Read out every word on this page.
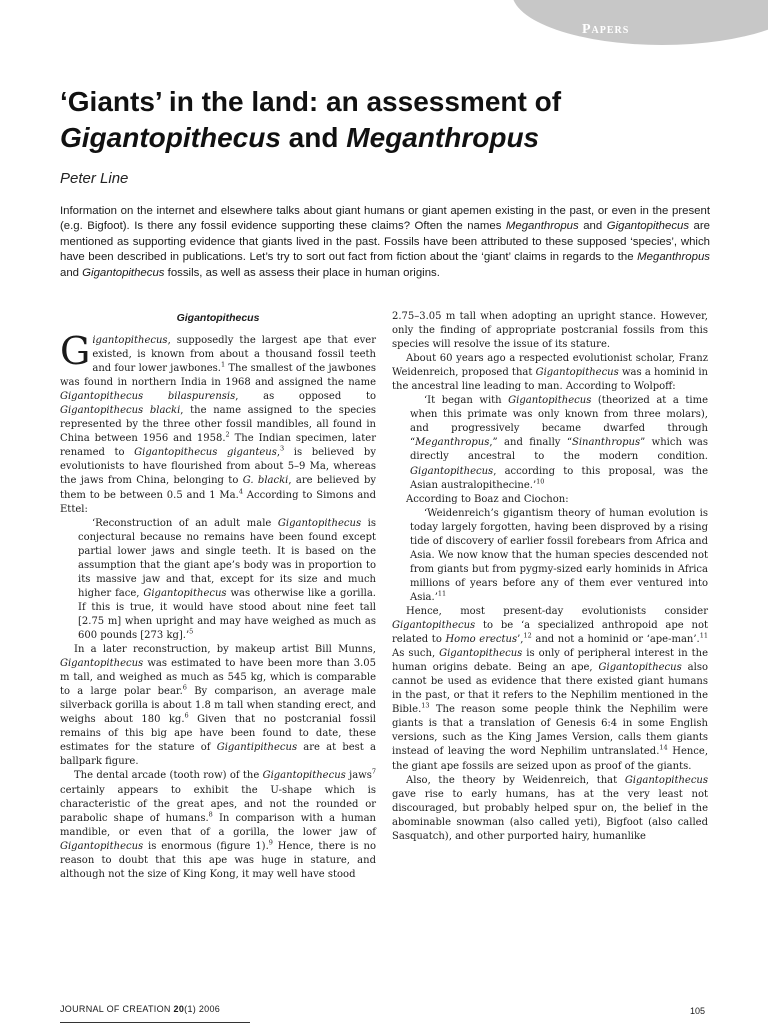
Papers
‘Giants’ in the land: an assessment of
Gigantopithecus and Meganthropus
Peter Line

Information on the internet and elsewhere talks about giant humans or giant apemen existing in the past, or even in the present (e.g. Bigfoot). Is there any fossil evidence supporting these claims? Often the names Meganthropus and Gigantopithecus are mentioned as supporting evidence that giants lived in the past. Fossils have been attributed to these supposed ‘species’, which have been described in publications. Let’s try to sort out fact from fiction about the ‘giant’ claims in regards to the Meganthropus and Gigantopithecus fossils, as well as assess their place in human origins.

Gigantopithecus

Gigantopithecus, supposedly the largest ape that ever existed, is known from about a thousand fossil teeth and four lower jawbones.$^1$ The smallest of the jawbones was found in northern India in 1968 and assigned the name Gigantopithecus bilaspurensis, as opposed to Gigantopithecus blacki, the name assigned to the species represented by the three other fossil mandibles, all found in China between 1956 and 1958.$^2$ The Indian specimen, later renamed to Gigantopithecus giganteus,$^3$ is believed by evolutionists to have flourished from about 5–9 Ma, whereas the jaws from China, belonging to G. blacki, are believed by them to be between 0.5 and 1 Ma.$^4$ According to Simons and Ettel:

‘Reconstruction of an adult male Gigantopithecus is conjectural because no remains have been found except partial lower jaws and single teeth. It is based on the assumption that the giant ape’s body was in proportion to its massive jaw and that, except for its size and much higher face, Gigantopithecus was otherwise like a gorilla. If this is true, it would have stood about nine feet tall [2.75 m] when upright and may have weighed as much as 600 pounds [273 kg].’$^5$

In a later reconstruction, by makeup artist Bill Munns, Gigantopithecus was estimated to have been more than 3.05 m tall, and weighed as much as 545 kg, which is comparable to a large polar bear.$^6$ By comparison, an average male silverback gorilla is about 1.8 m tall when standing erect, and weighs about 180 kg.$^6$ Given that no postcranial fossil remains of this big ape have been found to date, these estimates for the stature of Gigantipithecus are at best a ballpark figure.

The dental arcade (tooth row) of the Gigantopithecus jaws$^7$ certainly appears to exhibit the U-shape which is characteristic of the great apes, and not the rounded or parabolic shape of humans.$^8$ In comparison with a human mandible, or even that of a gorilla, the lower jaw of Gigantopithecus is enormous (figure 1).$^9$ Hence, there is no reason to doubt that this ape was huge in stature, and although not the size of King Kong, it may well have stood

2.75–3.05 m tall when adopting an upright stance. However, only the finding of appropriate postcranial fossils from this species will resolve the issue of its stature.

About 60 years ago a respected evolutionist scholar, Franz Weidenreich, proposed that Gigantopithecus was a hominid in the ancestral line leading to man. According to Wolpoff:

‘It began with Gigantopithecus (theorized at a time when this primate was only known from three molars), and progressively became dwarfed through “Meganthropus,” and finally “Sinanthropus” which was directly ancestral to the modern condition. Gigantopithecus, according to this proposal, was the Asian australopithecine.’$^{10}$

According to Boaz and Ciochon:

‘Weidenreich’s gigantism theory of human evolution is today largely forgotten, having been disproved by a rising tide of discovery of earlier fossil forebears from Africa and Asia. We now know that the human species descended not from giants but from pygmy-sized early hominids in Africa millions of years before any of them ever ventured into Asia.’$^{11}$

Hence, most present-day evolutionists consider Gigantopithecus to be ‘a specialized anthropoid ape not related to Homo erectus’,$^{12}$ and not a hominid or ‘ape-man’.$^{11}$ As such, Gigantopithecus is only of peripheral interest in the human origins debate. Being an ape, Gigantopithecus also cannot be used as evidence that there existed giant humans in the past, or that it refers to the Nephilim mentioned in the Bible.$^{13}$ The reason some people think the Nephilim were giants is that a translation of Genesis 6:4 in some English versions, such as the King James Version, calls them giants instead of leaving the word Nephilim untranslated.$^{14}$ Hence, the giant ape fossils are seized upon as proof of the giants.

Also, the theory by Weidenreich, that Gigantopithecus gave rise to early humans, has at the very least not discouraged, but probably helped spur on, the belief in the abominable snowman (also called yeti), Bigfoot (also called Sasquatch), and other purported hairy, humanlike

JOURNAL OF CREATION 20(1) 2006	105
